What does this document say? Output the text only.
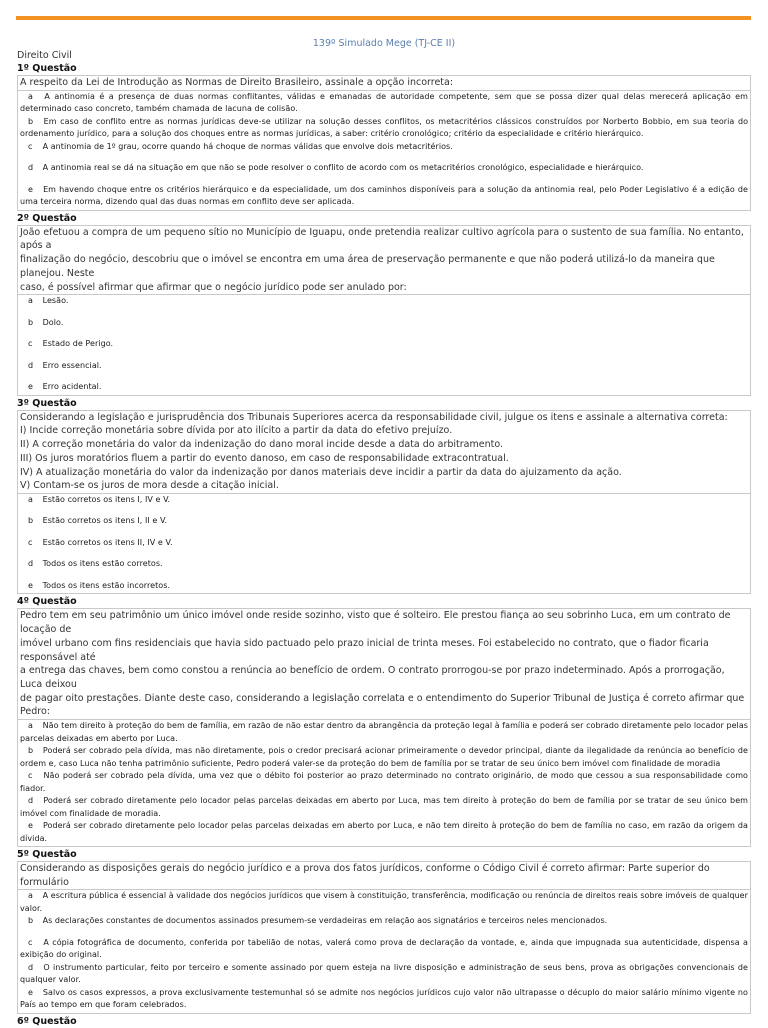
139º Simulado Mege (TJ-CE II)
Direito Civil
1º Questão
A respeito da Lei de Introdução as Normas de Direito Brasileiro, assinale a opção incorreta:
a A antinomia é a presença de duas normas conflitantes, válidas e emanadas de autoridade competente, sem que se possa dizer qual delas merecerá aplicação em determinado caso concreto, também chamada de lacuna de colisão.
b Em caso de conflito entre as normas jurídicas deve-se utilizar na solução desses conflitos, os metacritérios clássicos construídos por Norberto Bobbio, em sua teoria do ordenamento jurídico, para a solução dos choques entre as normas jurídicas, a saber: critério cronológico; critério da especialidade e critério hierárquico.
c A antinomia de 1º grau, ocorre quando há choque de normas válidas que envolve dois metacritérios.
d A antinomia real se dá na situação em que não se pode resolver o conflito de acordo com os metacritérios cronológico, especialidade e hierárquico.
e Em havendo choque entre os critérios hierárquico e da especialidade, um dos caminhos disponíveis para a solução da antinomia real, pelo Poder Legislativo é a edição de uma terceira norma, dizendo qual das duas normas em conflito deve ser aplicada.
2º Questão
João efetuou a compra de um pequeno sítio no Município de Iguapu, onde pretendia realizar cultivo agrícola para o sustento de sua família. No entanto, após a
finalização do negócio, descobriu que o imóvel se encontra em uma área de preservação permanente e que não poderá utilizá-lo da maneira que planejou. Neste
caso, é possível afirmar que afirmar que o negócio jurídico pode ser anulado por:
a Lesão.
b Dolo.
c Estado de Perigo.
d Erro essencial.
e Erro acidental.
3º Questão
Considerando a legislação e jurisprudência dos Tribunais Superiores acerca da responsabilidade civil, julgue os itens e assinale a alternativa correta:
I) Incide correção monetária sobre dívida por ato ilícito a partir da data do efetivo prejuízo.
II) A correção monetária do valor da indenização do dano moral incide desde a data do arbitramento.
III) Os juros moratórios fluem a partir do evento danoso, em caso de responsabilidade extracontratual.
IV) A atualização monetária do valor da indenização por danos materiais deve incidir a partir da data do ajuizamento da ação.
V) Contam-se os juros de mora desde a citação inicial.
a Estão corretos os itens I, IV e V.
b Estão corretos os itens I, II e V.
c Estão corretos os itens II, IV e V.
d Todos os itens estão corretos.
e Todos os itens estão incorretos.
4º Questão
Pedro tem em seu patrimônio um único imóvel onde reside sozinho, visto que é solteiro. Ele prestou fiança ao seu sobrinho Luca, em um contrato de locação de
imóvel urbano com fins residenciais que havia sido pactuado pelo prazo inicial de trinta meses. Foi estabelecido no contrato, que o fiador ficaria responsável até
a entrega das chaves, bem como constou a renúncia ao benefício de ordem. O contrato prorrogou-se por prazo indeterminado. Após a prorrogação, Luca deixou
de pagar oito prestações. Diante deste caso, considerando a legislação correlata e o entendimento do Superior Tribunal de Justiça é correto afirmar que Pedro:
a Não tem direito à proteção do bem de família, em razão de não estar dentro da abrangência da proteção legal à família e poderá ser cobrado diretamente pelo locador pelas parcelas deixadas em aberto por Luca.
b Poderá ser cobrado pela dívida, mas não diretamente, pois o credor precisará acionar primeiramente o devedor principal, diante da ilegalidade da renúncia ao benefício de ordem e, caso Luca não tenha patrimônio suficiente, Pedro poderá valer-se da proteção do bem de família por se tratar de seu único bem imóvel com finalidade de moradia
c Não poderá ser cobrado pela dívida, uma vez que o débito foi posterior ao prazo determinado no contrato originário, de modo que cessou a sua responsabilidade como fiador.
d Poderá ser cobrado diretamente pelo locador pelas parcelas deixadas em aberto por Luca, mas tem direito à proteção do bem de família por se tratar de seu único bem imóvel com finalidade de moradia.
e Poderá ser cobrado diretamente pelo locador pelas parcelas deixadas em aberto por Luca, e não tem direito à proteção do bem de família no caso, em razão da origem da dívida.
5º Questão
Considerando as disposições gerais do negócio jurídico e a prova dos fatos jurídicos, conforme o Código Civil é correto afirmar: Parte superior do formulário
a A escritura pública é essencial à validade dos negócios jurídicos que visem à constituição, transferência, modificação ou renúncia de direitos reais sobre imóveis de qualquer valor.
b As declarações constantes de documentos assinados presumem-se verdadeiras em relação aos signatários e terceiros neles mencionados.
c A cópia fotográfica de documento, conferida por tabelião de notas, valerá como prova de declaração da vontade, e, ainda que impugnada sua autenticidade, dispensa a exibição do original.
d O instrumento particular, feito por terceiro e somente assinado por quem esteja na livre disposição e administração de seus bens, prova as obrigações convencionais de qualquer valor.
e Salvo os casos expressos, a prova exclusivamente testemunhal só se admite nos negócios jurídicos cujo valor não ultrapasse o décuplo do maior salário mínimo vigente no País ao tempo em que foram celebrados.
6º Questão
